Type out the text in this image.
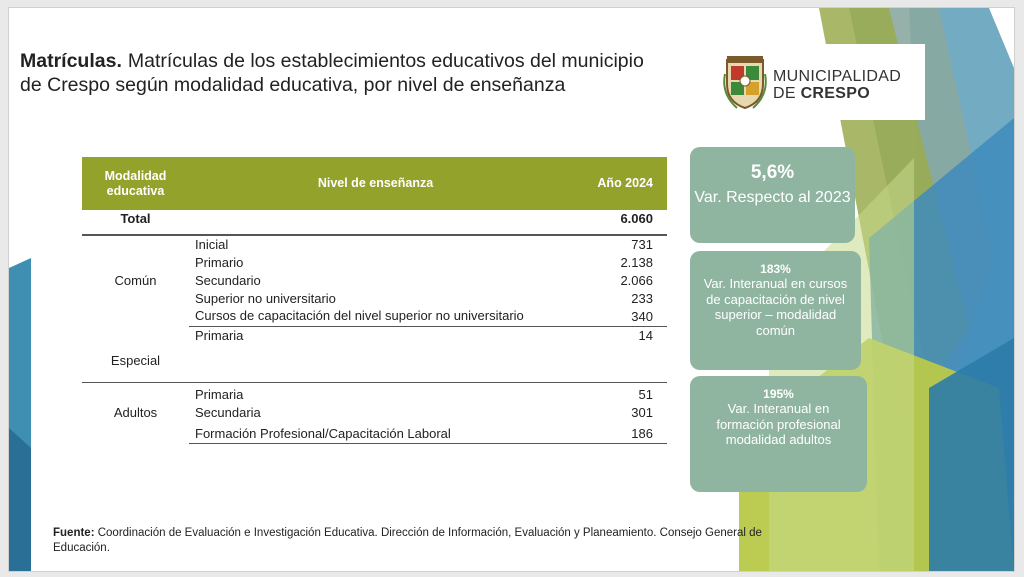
Matrículas. Matrículas de los establecimientos educativos del municipio de Crespo según modalidad educativa, por nivel de enseñanza	MUNICIPALIDAD
DE CRESPO
Modalidad educativa	Nivel de enseñanza	Año 2024
Total		6.060
Común	Inicial	731
	Primario	2.138
	Secundario	2.066
	Superior no universitario	233
	Cursos de capacitación del nivel superior no universitario	340
Especial	Primaria	14
Adultos	Primaria	51
	Secundaria	301
	Formación Profesional/Capacitación Laboral	186
5,6%
Var. Respecto al 2023
183%
Var. Interanual en cursos de capacitación de nivel superior – modalidad común
195%
Var. Interanual en formación profesional modalidad adultos
Fuente: Coordinación de Evaluación e Investigación Educativa. Dirección de Información, Evaluación y Planeamiento. Consejo General de Educación.
